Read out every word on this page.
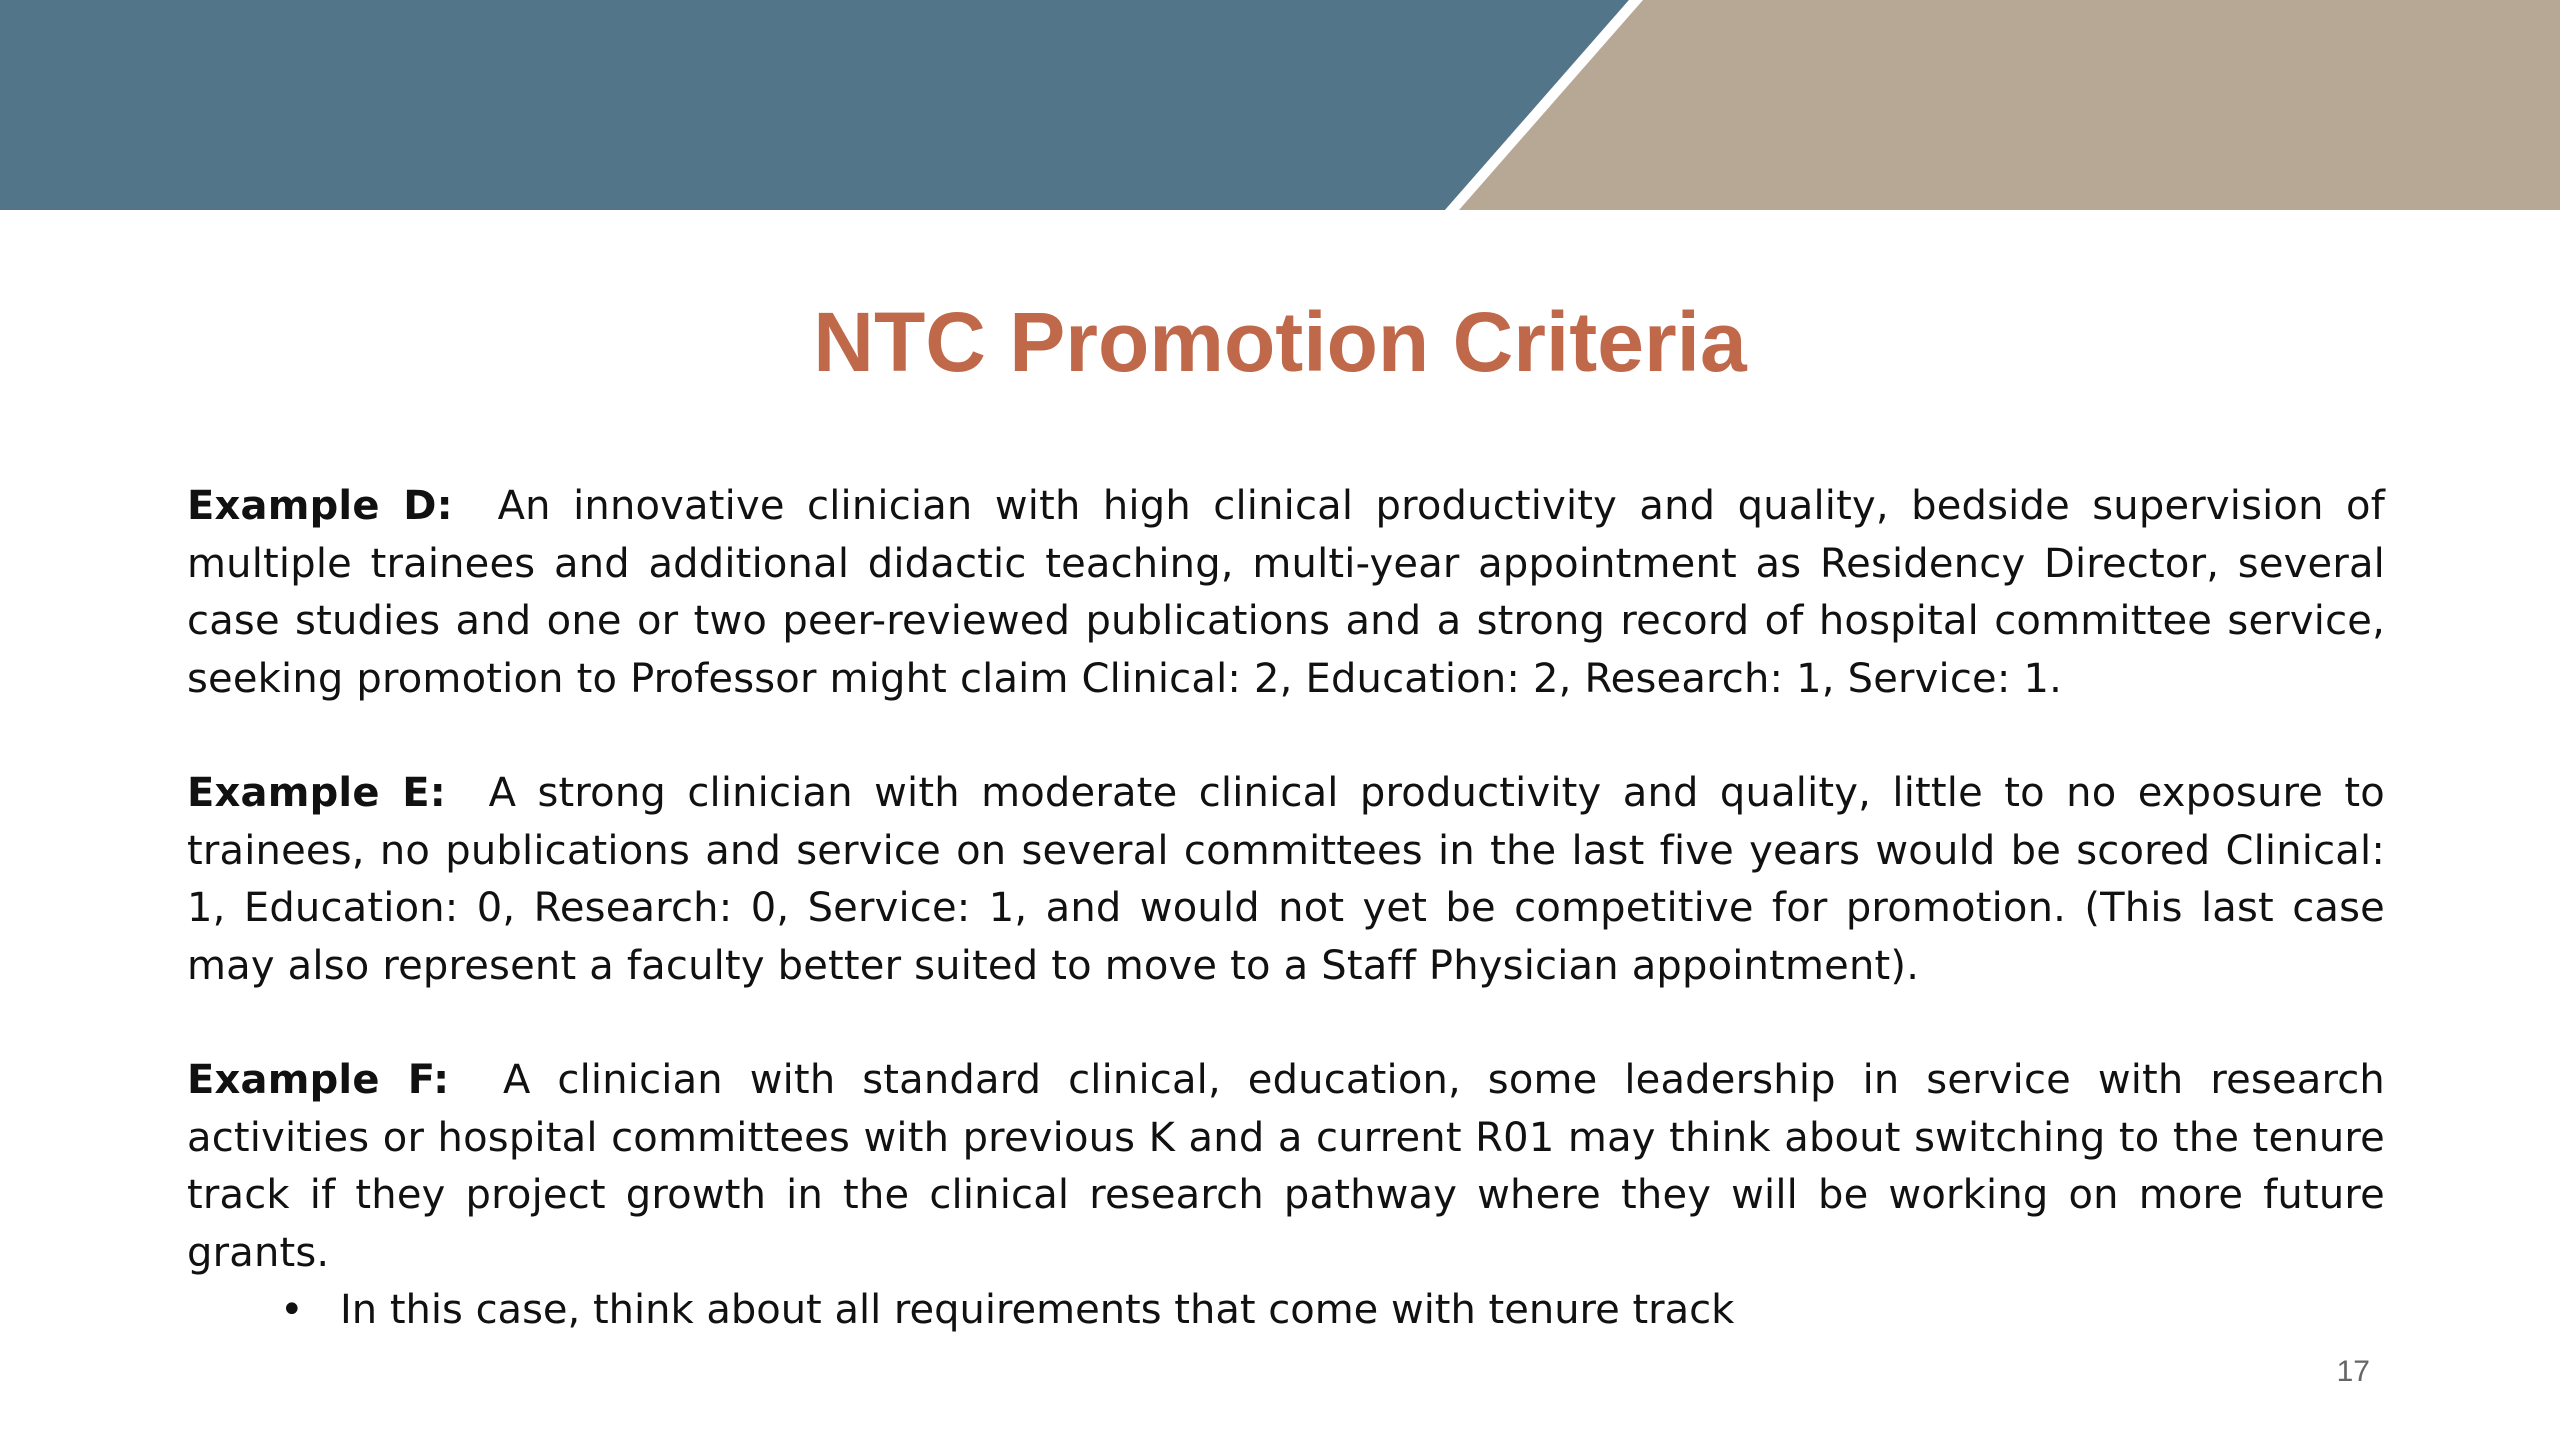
NTC Promotion Criteria

Example D: An innovative clinician with high clinical productivity and quality, bedside supervision of multiple trainees and additional didactic teaching, multi-year appointment as Residency Director, several case studies and one or two peer-reviewed publications and a strong record of hospital committee service, seeking promotion to Professor might claim Clinical: 2, Education: 2, Research: 1, Service: 1.

Example E: A strong clinician with moderate clinical productivity and quality, little to no exposure to trainees, no publications and service on several committees in the last five years would be scored Clinical: 1, Education: 0, Research: 0, Service: 1, and would not yet be competitive for promotion. (This last case may also represent a faculty better suited to move to a Staff Physician appointment).

Example F: A clinician with standard clinical, education, some leadership in service with research activities or hospital committees with previous K and a current R01 may think about switching to the tenure track if they project growth in the clinical research pathway where they will be working on more future grants.

• In this case, think about all requirements that come with tenure track
17
